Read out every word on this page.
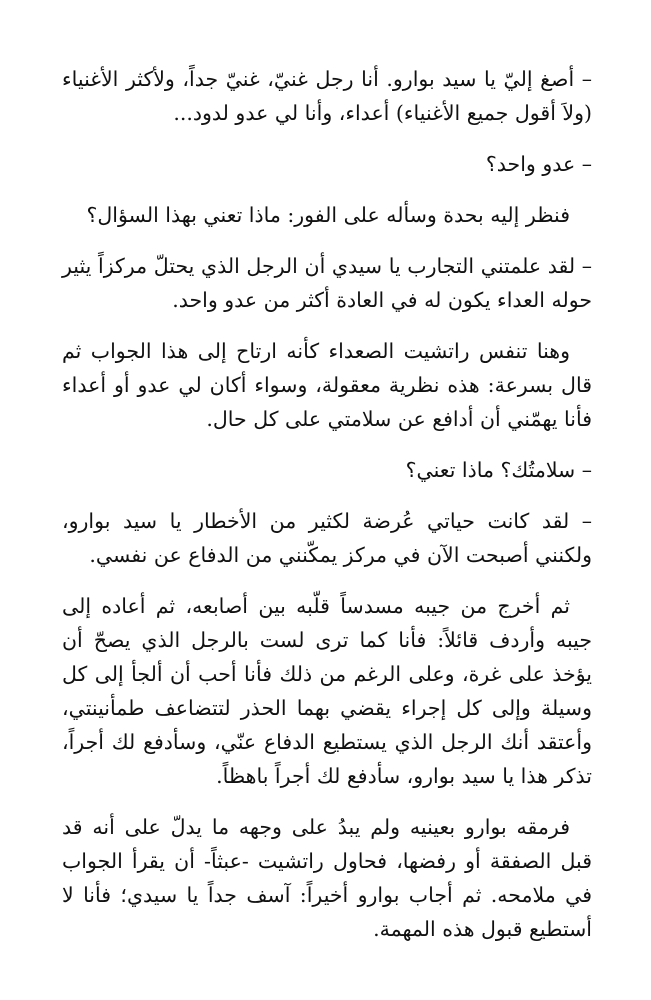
– أصغ إليّ يا سيد بوارو. أنا رجل غنيّ، غنيّ جداً، ولأكثر الأغنياء (ولاَ أقول جميع الأغنياء) أعداء، وأنا لي عدو لدود...

– عدو واحد؟

فنظر إليه بحدة وسأله على الفور: ماذا تعني بهذا السؤال؟

– لقد علمتني التجارب يا سيدي أن الرجل الذي يحتلّ مركزاً يثير حوله العداء يكون له في العادة أكثر من عدو واحد.

وهنا تنفس راتشيت الصعداء كأنه ارتاح إلى هذا الجواب ثم قال بسرعة: هذه نظرية معقولة، وسواء أكان لي عدو أو أعداء فأنا يهمّني أن أدافع عن سلامتي على كل حال.

– سلامتُك؟ ماذا تعني؟

– لقد كانت حياتي عُرضة لكثير من الأخطار يا سيد بوارو، ولكنني أصبحت الآن في مركز يمكّنني من الدفاع عن نفسي.

ثم أخرج من جيبه مسدساً قلّبه بين أصابعه، ثم أعاده إلى جيبه وأردف قائلاً: فأنا كما ترى لست بالرجل الذي يصحّ أن يؤخذ على غرة، وعلى الرغم من ذلك فأنا أحب أن ألجأ إلى كل وسيلة وإلى كل إجراء يقضي بهما الحذر لتتضاعف طمأنينتي، وأعتقد أنك الرجل الذي يستطيع الدفاع عنّي، وسأدفع لك أجراً، تذكر هذا يا سيد بوارو، سأدفع لك أجراً باهظاً.

فرمقه بوارو بعينيه ولم يبدُ على وجهه ما يدلّ على أنه قد قبل الصفقة أو رفضها، فحاول راتشيت -عبثاً- أن يقرأ الجواب في ملامحه. ثم أجاب بوارو أخيراً: آسف جداً يا سيدي؛ فأنا لا أستطيع قبول هذه المهمة.
